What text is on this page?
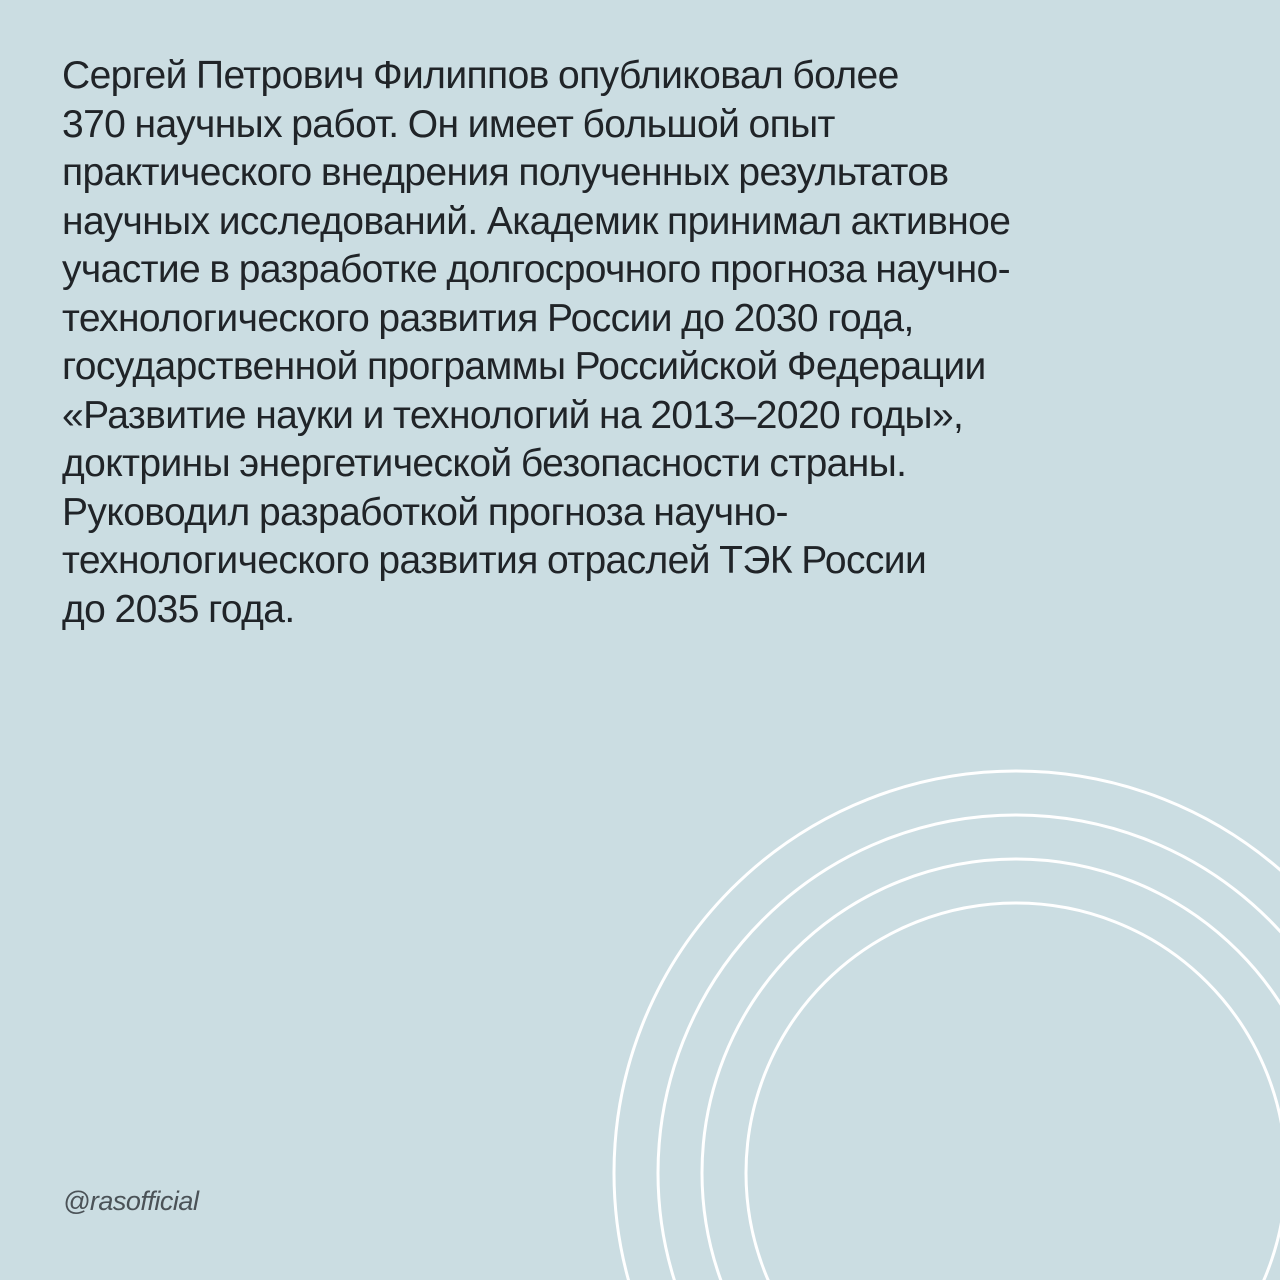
Сергей Петрович Филиппов опубликовал более
370 научных работ. Он имеет большой опыт
практического внедрения полученных результатов
научных исследований. Академик принимал активное
участие в разработке долгосрочного прогноза научно-
технологического развития России до 2030 года,
государственной программы Российской Федерации
«Развитие науки и технологий на 2013–2020 годы»,
доктрины энергетической безопасности страны.
Руководил разработкой прогноза научно-
технологического развития отраслей ТЭК России
до 2035 года.
@rasofficial
